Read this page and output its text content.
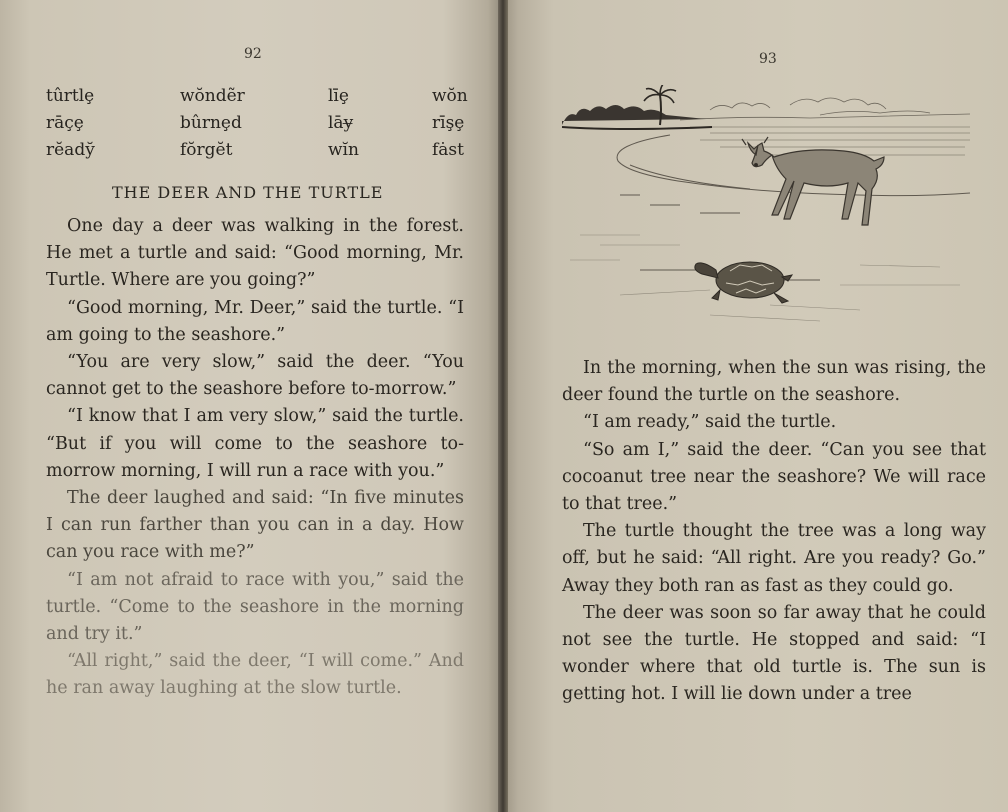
92
tûrtlȩ	wŏndẽr	līȩ	wŏn
rāçȩ	bûrnȩd	lāy̶	rīşȩ
rĕady̆	fŏrgĕt	wĭn	fȧst
THE DEER AND THE TURTLE

One day a deer was walking in the forest. He met a turtle and said: “Good morning, Mr. Turtle. Where are you going?”

“Good morning, Mr. Deer,” said the turtle. “I am going to the seashore.”

“You are very slow,” said the deer. “You cannot get to the seashore before to-morrow.”

“I know that I am very slow,” said the turtle. “But if you will come to the seashore to-morrow morning, I will run a race with you.”

The deer laughed and said: “In five minutes I can run farther than you can in a day. How can you race with me?”

“I am not afraid to race with you,” said the turtle. “Come to the seashore in the morning and try it.”

“All right,” said the deer, “I will come.” And he ran away laughing at the slow turtle.

93

In the morning, when the sun was rising, the deer found the turtle on the seashore.

“I am ready,” said the turtle.

“So am I,” said the deer. “Can you see that cocoanut tree near the seashore? We will race to that tree.”

The turtle thought the tree was a long way off, but he said: “All right. Are you ready? Go.” Away they both ran as fast as they could go.

The deer was soon so far away that he could not see the turtle. He stopped and said: “I wonder where that old turtle is. The sun is getting hot. I will lie down under a tree
